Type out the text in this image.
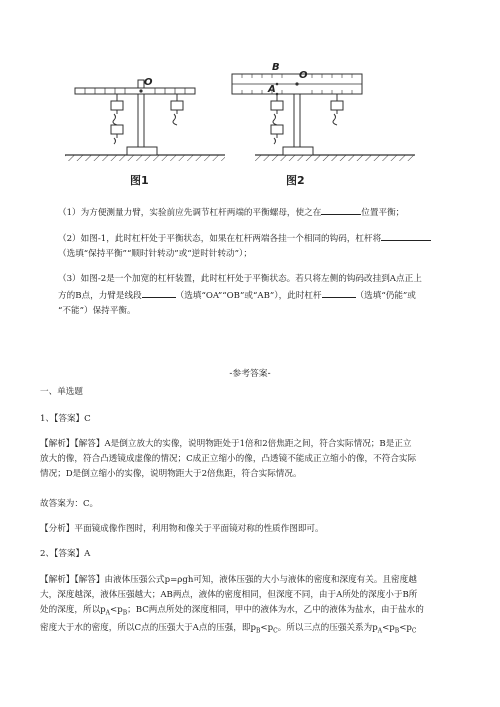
O
O
B
A
图1	图2

（1）为方便测量力臂，实验前应先调节杠杆两端的平衡螺母，使之在	位置平衡；

（2）如图-1，此时杠杆处于平衡状态，如果在杠杆两端各挂一个相同的钩码，杠杆将
（选填“保持平衡”“顺时针转动”或“逆时针转动”）；

（3）如图-2是一个加宽的杠杆装置，此时杠杆处于平衡状态。若只将左侧的钩码改挂到A点正上
方的B点，力臂是线段	（选填“OA”“OB”或“AB”），此时杠杆	（选填“仍能”或
“不能”）保持平衡。

-参考答案-

一、单选题

1、【答案】C

【解析】【解答】A是倒立放大的实像，说明物距处于1倍和2倍焦距之间，符合实际情况；B是正立
放大的像，符合凸透镜成虚像的情况；C成正立缩小的像，凸透镜不能成正立缩小的像，不符合实际
情况；D是倒立缩小的实像，说明物距大于2倍焦距，符合实际情况。

故答案为：C。

【分析】平面镜成像作图时，利用物和像关于平面镜对称的性质作图即可。

2、【答案】A

【解析】【解答】由液体压强公式p=ρgh可知，液体压强的大小与液体的密度和深度有关。且密度越
大，深度越深，液体压强越大；AB两点，液体的密度相同，但深度不同，由于A所处的深度小于B所
处的深度，所以$p_A<p_B$；BC两点所处的深度相同，甲中的液体为水，乙中的液体为盐水，由于盐水的
密度大于水的密度，所以C点的压强大于A点的压强，即$p_B<p_C$。所以三点的压强关系为$p_A<p_B<p_C$
